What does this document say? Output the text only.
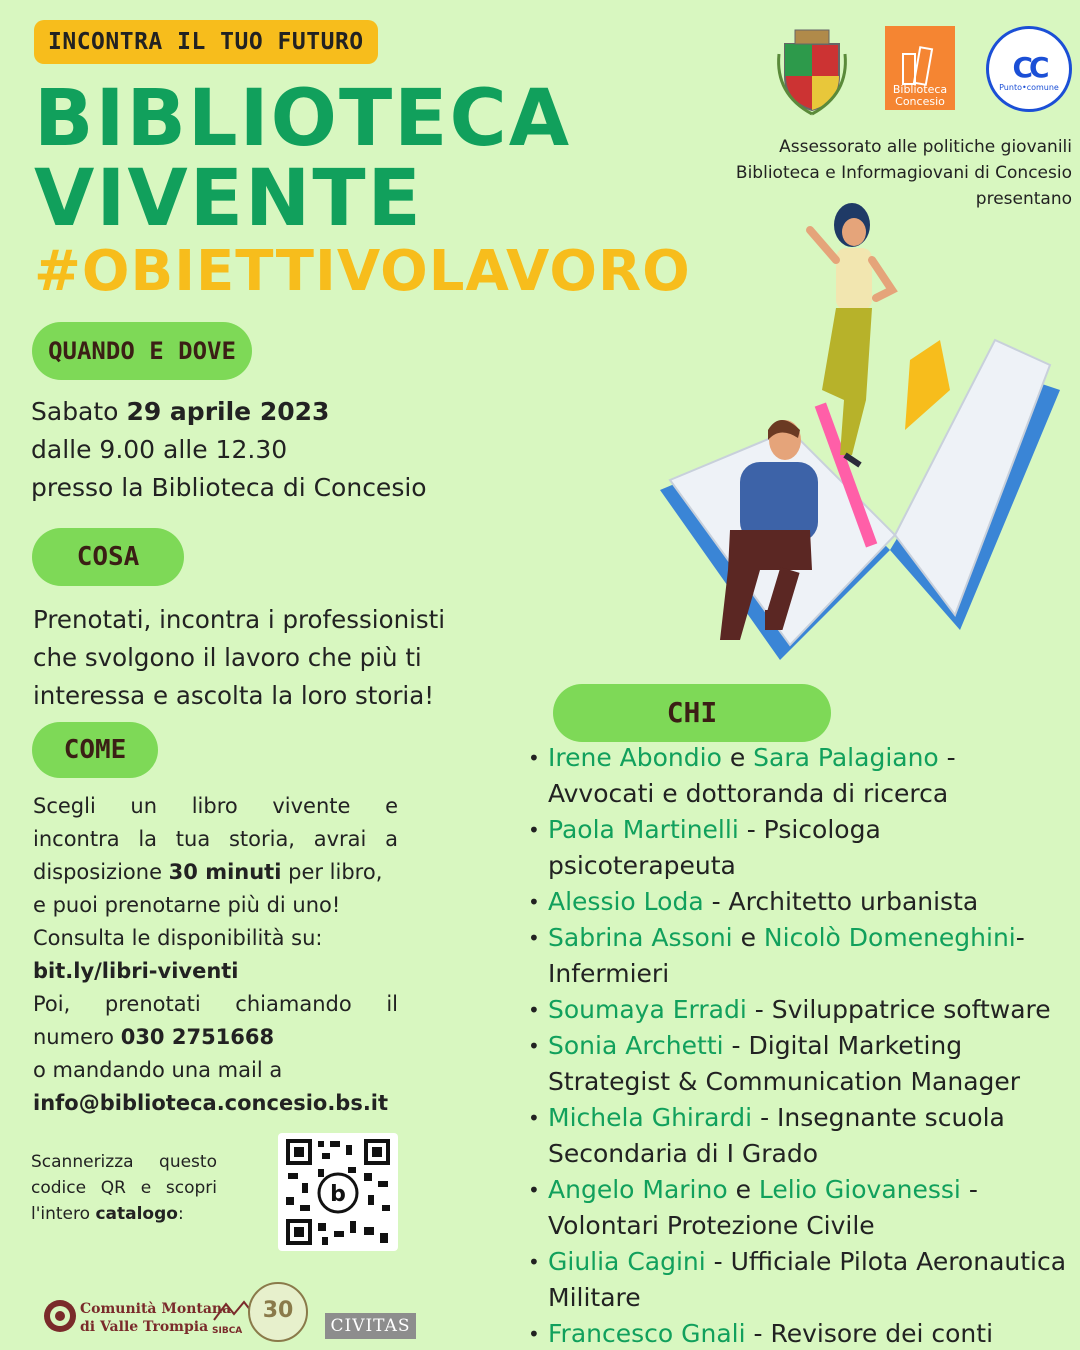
INCONTRA IL TUO FUTURO
BIBLIOTECA
VIVENTE
#OBIETTIVOLAVORO
Biblioteca Concesio
CC
Punto•comune
Assessorato alle politiche giovanili
Biblioteca e Informagiovani di Concesio
presentano
QUANDO E DOVE
Sabato 29 aprile 2023
dalle 9.00 alle 12.30
presso la Biblioteca di Concesio
COSA
Prenotati, incontra i professionisti
che svolgono il lavoro che più ti
interessa e ascolta la loro storia!
COME
Scegli un libro vivente e
incontra la tua storia, avrai a
disposizione 30 minuti per libro,
e puoi prenotarne più di uno!
Consulta le disponibilità su:
bit.ly/libri-viventi
Poi, prenotati chiamando il
numero 030 2751668
o mandando una mail a
info@biblioteca.concesio.bs.it
Scannerizza questo
codice QR e scopri
l'intero catalogo:
b
CHI
• Irene Abondio e Sara Palagiano -
Avvocati e dottoranda di ricerca
• Paola Martinelli - Psicologa
psicoterapeuta
• Alessio Loda - Architetto urbanista
• Sabrina Assoni e Nicolò Domeneghini-
Infermieri
• Soumaya Erradi - Sviluppatrice software
• Sonia Archetti - Digital Marketing
Strategist & Communication Manager
• Michela Ghirardi - Insegnante scuola
Secondaria di I Grado
• Angelo Marino e Lelio Giovanessi -
Volontari Protezione Civile
• Giulia Cagini - Ufficiale Pilota Aeronautica
Militare
• Francesco Gnali - Revisore dei conti
Comunità Montana
di Valle Trompia SIBCA
30
CIVITAS
